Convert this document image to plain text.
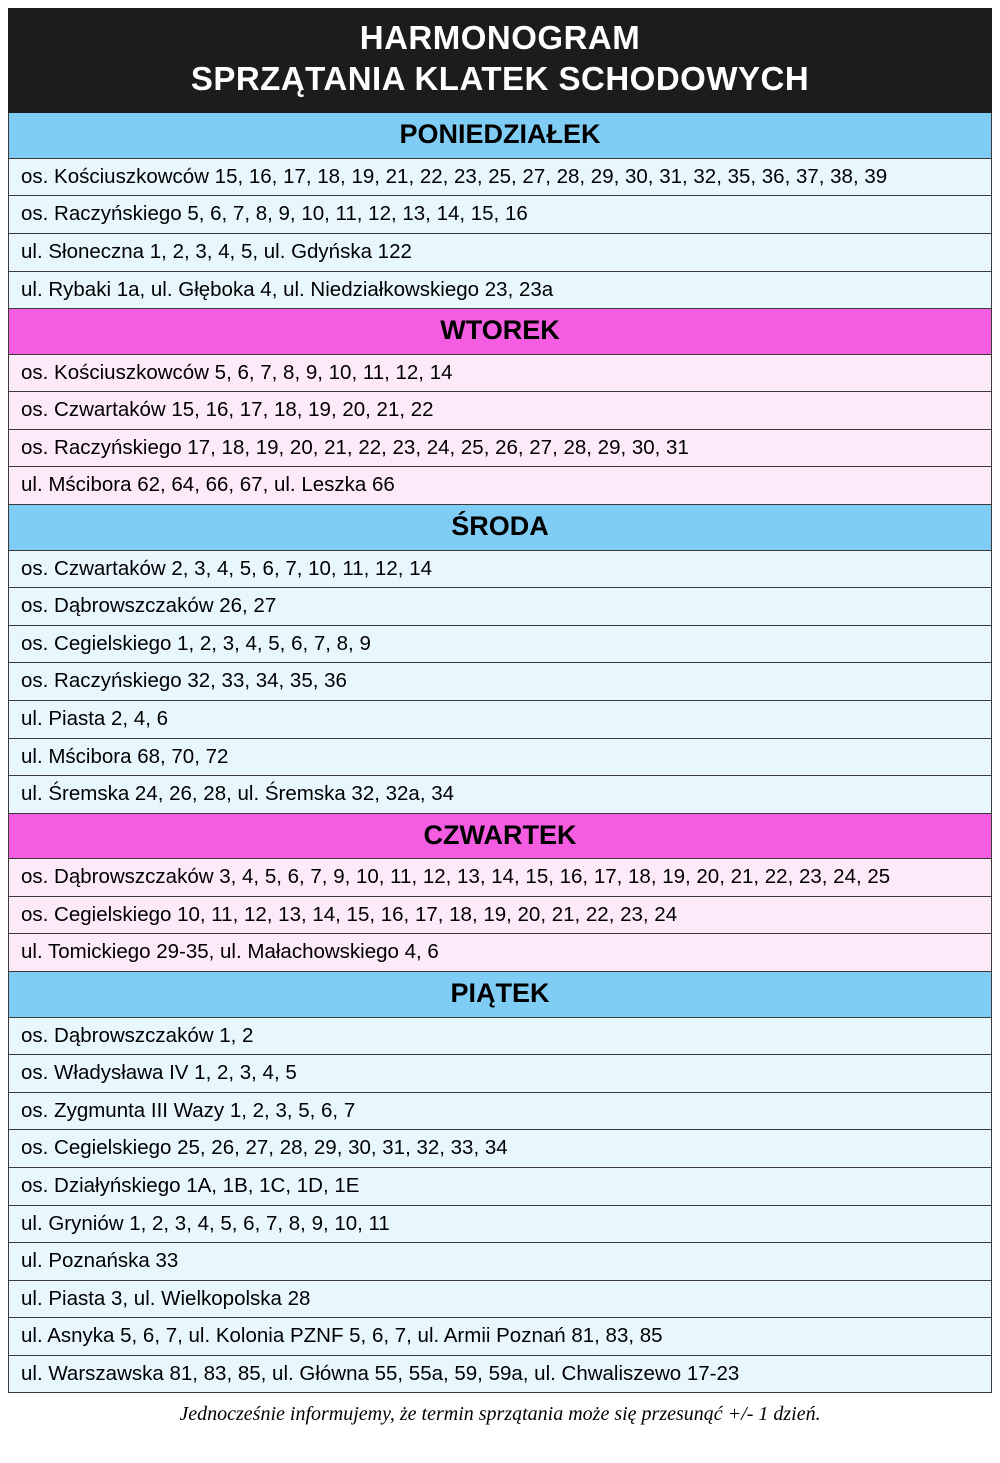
HARMONOGRAM
SPRZĄTANIA KLATEK SCHODOWYCH
PONIEDZIAŁEK
os. Kościuszkowców 15, 16, 17, 18, 19, 21, 22, 23, 25, 27, 28, 29, 30, 31, 32, 35, 36, 37, 38, 39
os. Raczyńskiego 5, 6, 7, 8, 9, 10, 11, 12, 13, 14, 15, 16
ul. Słoneczna 1, 2, 3, 4, 5, ul. Gdyńska 122
ul. Rybaki 1a, ul. Głęboka 4, ul. Niedziałkowskiego 23, 23a
WTOREK
os. Kościuszkowców 5, 6, 7, 8, 9, 10, 11, 12, 14
os. Czwartaków 15, 16, 17, 18, 19, 20, 21, 22
os. Raczyńskiego 17, 18, 19, 20, 21, 22, 23, 24, 25, 26, 27, 28, 29, 30, 31
ul. Mścibora 62, 64, 66, 67, ul. Leszka 66
ŚRODA
os. Czwartaków 2, 3, 4, 5, 6, 7, 10, 11, 12, 14
os. Dąbrowszczaków 26, 27
os. Cegielskiego 1, 2, 3, 4, 5, 6, 7, 8, 9
os. Raczyńskiego 32, 33, 34, 35, 36
ul. Piasta 2, 4, 6
ul. Mścibora 68, 70, 72
ul. Śremska 24, 26, 28, ul. Śremska 32, 32a, 34
CZWARTEK
os. Dąbrowszczaków 3, 4, 5, 6, 7, 9, 10, 11, 12, 13, 14, 15, 16, 17, 18, 19, 20, 21, 22, 23, 24, 25
os. Cegielskiego 10, 11, 12, 13, 14, 15, 16, 17, 18, 19, 20, 21, 22, 23, 24
ul. Tomickiego 29-35, ul. Małachowskiego 4, 6
PIĄTEK
os. Dąbrowszczaków 1, 2
os. Władysława IV 1, 2, 3, 4, 5
os. Zygmunta III Wazy 1, 2, 3, 5, 6, 7
os. Cegielskiego 25, 26, 27, 28, 29, 30, 31, 32, 33, 34
os. Działyńskiego 1A, 1B, 1C, 1D, 1E
ul. Gryniów 1, 2, 3, 4, 5, 6, 7, 8, 9, 10, 11
ul. Poznańska 33
ul. Piasta 3, ul. Wielkopolska 28
ul. Asnyka 5, 6, 7, ul. Kolonia PZNF 5, 6, 7, ul. Armii Poznań 81, 83, 85
ul. Warszawska 81, 83, 85, ul. Główna 55, 55a, 59, 59a, ul. Chwaliszewo 17-23
Jednocześnie informujemy, że termin sprzątania może się przesunąć +/- 1 dzień.
